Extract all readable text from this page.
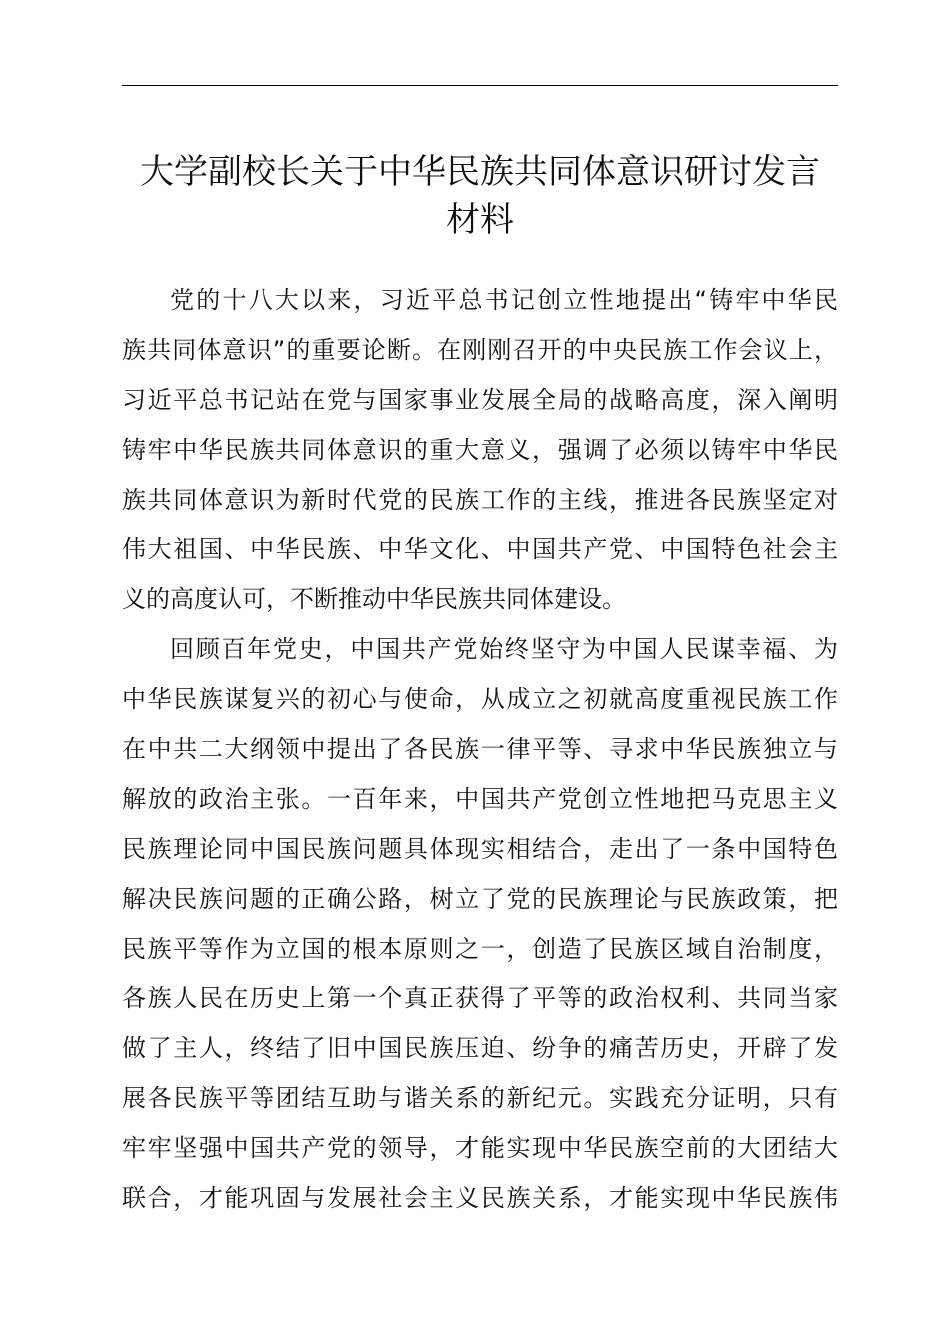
大学副校长关于中华民族共同体意识研讨发言
材料
党的十八大以来，习近平总书记创立性地提出“铸牢中华民
族共同体意识”的重要论断。在刚刚召开的中央民族工作会议上，
习近平总书记站在党与国家事业发展全局的战略高度，深入阐明
铸牢中华民族共同体意识的重大意义，强调了必须以铸牢中华民
族共同体意识为新时代党的民族工作的主线，推进各民族坚定对
伟大祖国、中华民族、中华文化、中国共产党、中国特色社会主
义的高度认可，不断推动中华民族共同体建设。
回顾百年党史，中国共产党始终坚守为中国人民谋幸福、为
中华民族谋复兴的初心与使命，从成立之初就高度重视民族工作
在中共二大纲领中提出了各民族一律平等、寻求中华民族独立与
解放的政治主张。一百年来，中国共产党创立性地把马克思主义
民族理论同中国民族问题具体现实相结合，走出了一条中国特色
解决民族问题的正确公路，树立了党的民族理论与民族政策，把
民族平等作为立国的根本原则之一，创造了民族区域自治制度，
各族人民在历史上第一个真正获得了平等的政治权利、共同当家
做了主人，终结了旧中国民族压迫、纷争的痛苦历史，开辟了发
展各民族平等团结互助与谐关系的新纪元。实践充分证明，只有
牢牢坚强中国共产党的领导，才能实现中华民族空前的大团结大
联合，才能巩固与发展社会主义民族关系，才能实现中华民族伟
